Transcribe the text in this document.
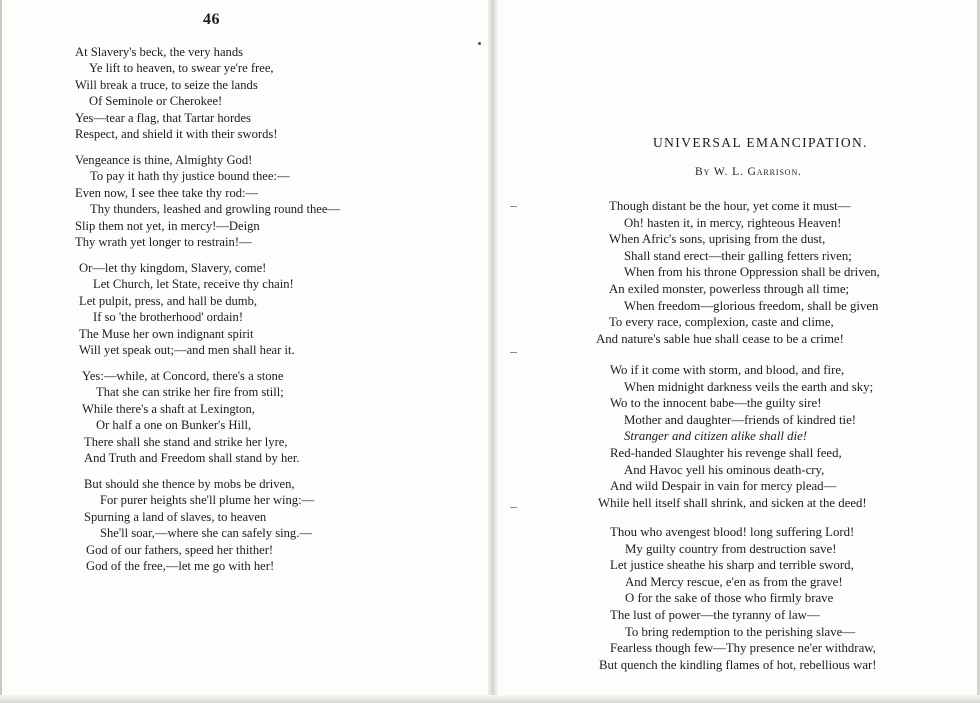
46
At Slavery's beck, the very hands
Ye lift to heaven, to swear ye're free,
Will break a truce, to seize the lands
Of Seminole or Cherokee!
Yes—tear a flag, that Tartar hordes
Respect, and shield it with their swords!
Vengeance is thine, Almighty God!
To pay it hath thy justice bound thee:—
Even now, I see thee take thy rod:—
Thy thunders, leashed and growling round thee—
Slip them not yet, in mercy!—Deign
Thy wrath yet longer to restrain!—
Or—let thy kingdom, Slavery, come!
Let Church, let State, receive thy chain!
Let pulpit, press, and hall be dumb,
If so 'the brotherhood' ordain!
The Muse her own indignant spirit
Will yet speak out;—and men shall hear it.
Yes:—while, at Concord, there's a stone
That she can strike her fire from still;
While there's a shaft at Lexington,
Or half a one on Bunker's Hill,
There shall she stand and strike her lyre,
And Truth and Freedom shall stand by her.
But should she thence by mobs be driven,
For purer heights she'll plume her wing:—
Spurning a land of slaves, to heaven
She'll soar,—where she can safely sing.—
God of our fathers, speed her thither!
God of the free,—let me go with her!
UNIVERSAL EMANCIPATION.
By W. L. Garrison.
Though distant be the hour, yet come it must—
Oh! hasten it, in mercy, righteous Heaven!
When Afric's sons, uprising from the dust,
Shall stand erect—their galling fetters riven;
When from his throne Oppression shall be driven,
An exiled monster, powerless through all time;
When freedom—glorious freedom, shall be given
To every race, complexion, caste and clime,
And nature's sable hue shall cease to be a crime!
Wo if it come with storm, and blood, and fire,
When midnight darkness veils the earth and sky;
Wo to the innocent babe—the guilty sire!
Mother and daughter—friends of kindred tie!
Stranger and citizen alike shall die!
Red-handed Slaughter his revenge shall feed,
And Havoc yell his ominous death-cry,
And wild Despair in vain for mercy plead—
While hell itself shall shrink, and sicken at the deed!
Thou who avengest blood! long suffering Lord!
My guilty country from destruction save!
Let justice sheathe his sharp and terrible sword,
And Mercy rescue, e'en as from the grave!
O for the sake of those who firmly brave
The lust of power—the tyranny of law—
To bring redemption to the perishing slave—
Fearless though few—Thy presence ne'er withdraw,
But quench the kindling flames of hot, rebellious war!
